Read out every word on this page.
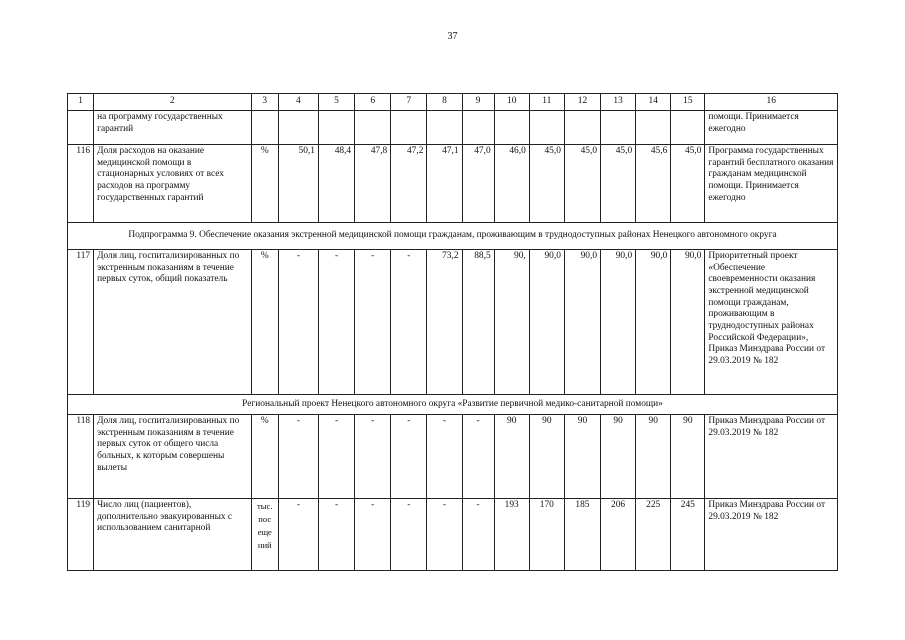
37
1	2	3	4	5	6	7	8	9	10	11	12	13	14	15	16
	на программу государственных гарантий														помощи. Принимается ежегодно
116	Доля расходов на оказание медицинской помощи в стационарных условиях от всех расходов на программу государственных гарантий	%	50,1	48,4	47,8	47,2	47,1	47,0	46,0	45,0	45,0	45,0	45,6	45,0	Программа государственных гарантий бесплатного оказания гражданам медицинской помощи. Принимается ежегодно
Подпрограмма 9. Обеспечение оказания экстренной медицинской помощи гражданам, проживающим в труднодоступных районах Ненецкого автономного округа															
117	Доля лиц, госпитализированных по экстренным показаниям в течение первых суток, общий показатель	%	-	-	-	-	73,2	88,5	90,	90,0	90,0	90,0	90,0	90,0	Приоритетный проект «Обеспечение своевременности оказания экстренной медицинской помощи гражданам, проживающим в труднодоступных районах Российской Федерации», Приказ Минздрава России от 29.03.2019 № 182
Региональный проект Ненецкого автономного округа «Развитие первичной медико-санитарной помощи»															
118	Доля лиц, госпитализированных по экстренным показаниям в течение первых суток от общего числа больных, к которым совершены вылеты	%	-	-	-	-	-	-	90	90	90	90	90	90	Приказ Минздрава России от 29.03.2019 № 182
119	Число лиц (пациентов), дополнительно эвакуированных с использованием санитарной	тыс. посещений	-	-	-	-	-	-	193	170	185	206	225	245	Приказ Минздрава России от 29.03.2019 № 182
